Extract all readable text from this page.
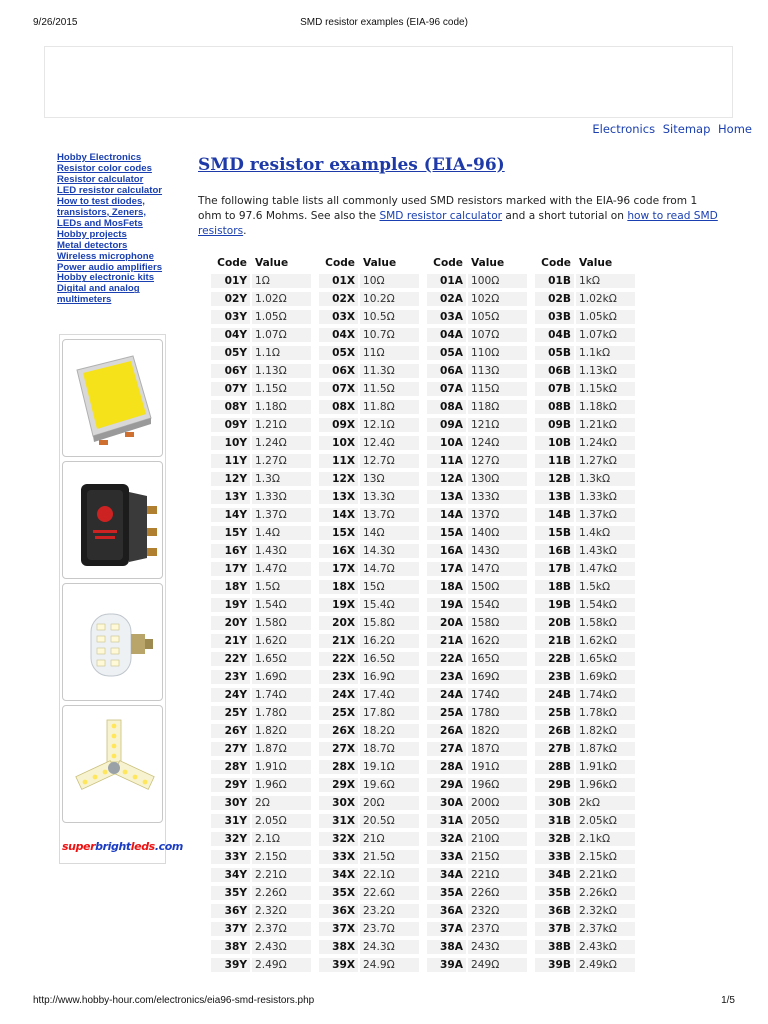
9/26/2015	SMD resistor examples (EIA-96 code)
Electronics Sitemap Home
Hobby Electronics
Resistor color codes
Resistor calculator
LED resistor calculator
How to test diodes,
transistors, Zeners,
LEDs and MosFets
Hobby projects
Metal detectors
Wireless microphone
Power audio amplifiers
Hobby electronic kits
Digital and analog
multimeters
superbrightleds.com
SMD resistor examples (EIA-96)

The following table lists all commonly used SMD resistors marked with the EIA-96 code from 1 ohm to 97.6 Mohms. See also the SMD resistor calculator and a short tutorial on how to read SMD resistors.

Code	Value		Code	Value		Code	Value		Code	Value
01Y	1Ω		01X	10Ω		01A	100Ω		01B	1kΩ
02Y	1.02Ω		02X	10.2Ω		02A	102Ω		02B	1.02kΩ
03Y	1.05Ω		03X	10.5Ω		03A	105Ω		03B	1.05kΩ
04Y	1.07Ω		04X	10.7Ω		04A	107Ω		04B	1.07kΩ
05Y	1.1Ω		05X	11Ω		05A	110Ω		05B	1.1kΩ
06Y	1.13Ω		06X	11.3Ω		06A	113Ω		06B	1.13kΩ
07Y	1.15Ω		07X	11.5Ω		07A	115Ω		07B	1.15kΩ
08Y	1.18Ω		08X	11.8Ω		08A	118Ω		08B	1.18kΩ
09Y	1.21Ω		09X	12.1Ω		09A	121Ω		09B	1.21kΩ
10Y	1.24Ω		10X	12.4Ω		10A	124Ω		10B	1.24kΩ
11Y	1.27Ω		11X	12.7Ω		11A	127Ω		11B	1.27kΩ
12Y	1.3Ω		12X	13Ω		12A	130Ω		12B	1.3kΩ
13Y	1.33Ω		13X	13.3Ω		13A	133Ω		13B	1.33kΩ
14Y	1.37Ω		14X	13.7Ω		14A	137Ω		14B	1.37kΩ
15Y	1.4Ω		15X	14Ω		15A	140Ω		15B	1.4kΩ
16Y	1.43Ω		16X	14.3Ω		16A	143Ω		16B	1.43kΩ
17Y	1.47Ω		17X	14.7Ω		17A	147Ω		17B	1.47kΩ
18Y	1.5Ω		18X	15Ω		18A	150Ω		18B	1.5kΩ
19Y	1.54Ω		19X	15.4Ω		19A	154Ω		19B	1.54kΩ
20Y	1.58Ω		20X	15.8Ω		20A	158Ω		20B	1.58kΩ
21Y	1.62Ω		21X	16.2Ω		21A	162Ω		21B	1.62kΩ
22Y	1.65Ω		22X	16.5Ω		22A	165Ω		22B	1.65kΩ
23Y	1.69Ω		23X	16.9Ω		23A	169Ω		23B	1.69kΩ
24Y	1.74Ω		24X	17.4Ω		24A	174Ω		24B	1.74kΩ
25Y	1.78Ω		25X	17.8Ω		25A	178Ω		25B	1.78kΩ
26Y	1.82Ω		26X	18.2Ω		26A	182Ω		26B	1.82kΩ
27Y	1.87Ω		27X	18.7Ω		27A	187Ω		27B	1.87kΩ
28Y	1.91Ω		28X	19.1Ω		28A	191Ω		28B	1.91kΩ
29Y	1.96Ω		29X	19.6Ω		29A	196Ω		29B	1.96kΩ
30Y	2Ω		30X	20Ω		30A	200Ω		30B	2kΩ
31Y	2.05Ω		31X	20.5Ω		31A	205Ω		31B	2.05kΩ
32Y	2.1Ω		32X	21Ω		32A	210Ω		32B	2.1kΩ
33Y	2.15Ω		33X	21.5Ω		33A	215Ω		33B	2.15kΩ
34Y	2.21Ω		34X	22.1Ω		34A	221Ω		34B	2.21kΩ
35Y	2.26Ω		35X	22.6Ω		35A	226Ω		35B	2.26kΩ
36Y	2.32Ω		36X	23.2Ω		36A	232Ω		36B	2.32kΩ
37Y	2.37Ω		37X	23.7Ω		37A	237Ω		37B	2.37kΩ
38Y	2.43Ω		38X	24.3Ω		38A	243Ω		38B	2.43kΩ
39Y	2.49Ω		39X	24.9Ω		39A	249Ω		39B	2.49kΩ
http://www.hobby-hour.com/electronics/eia96-smd-resistors.php	1/5
